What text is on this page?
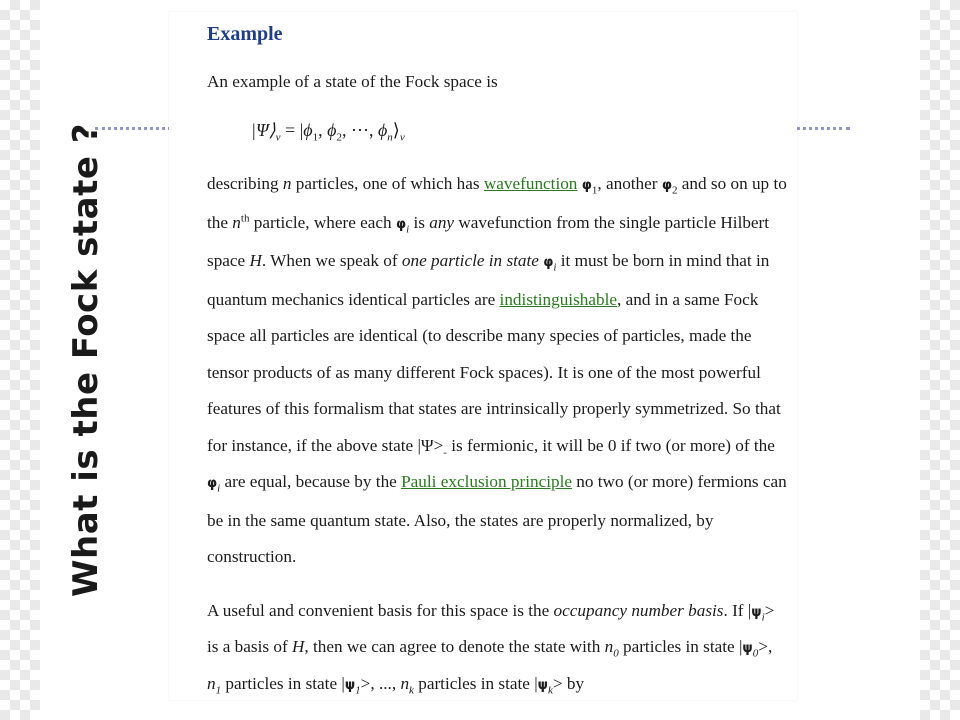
What is the Fock state ?
Example

An example of a state of the Fock space is

$|\Psi⟩_\nu = |\phi_1$, $\phi_2$, ⋯, $\phi_n⟩_\nu$

describing n particles, one of which has wavefunction $\varphi_1$, another $\varphi_2$ and so on up to the $n^{th}$ particle, where each $\varphi_i$ is any wavefunction from the single particle Hilbert space H. When we speak of one particle in state $\varphi_i$ it must be born in mind that in quantum mechanics identical particles are indistinguishable, and in a same Fock space all particles are identical (to describe many species of particles, made the tensor products of as many different Fock spaces). It is one of the most powerful features of this formalism that states are intrinsically properly symmetrized. So that for instance, if the above state $|\Psi>_-$ is fermionic, it will be 0 if two (or more) of the $\varphi_i$ are equal, because by the Pauli exclusion principle no two (or more) fermions can be in the same quantum state. Also, the states are properly normalized, by construction.

A useful and convenient basis for this space is the occupancy number basis. If $|\psi_i>$ is a basis of H, then we can agree to denote the state with $n_0$ particles in state $|\psi_0>$, $n_1$ particles in state $|\psi_1>$, ..., $n_k$ particles in state $|\psi_k>$ by
